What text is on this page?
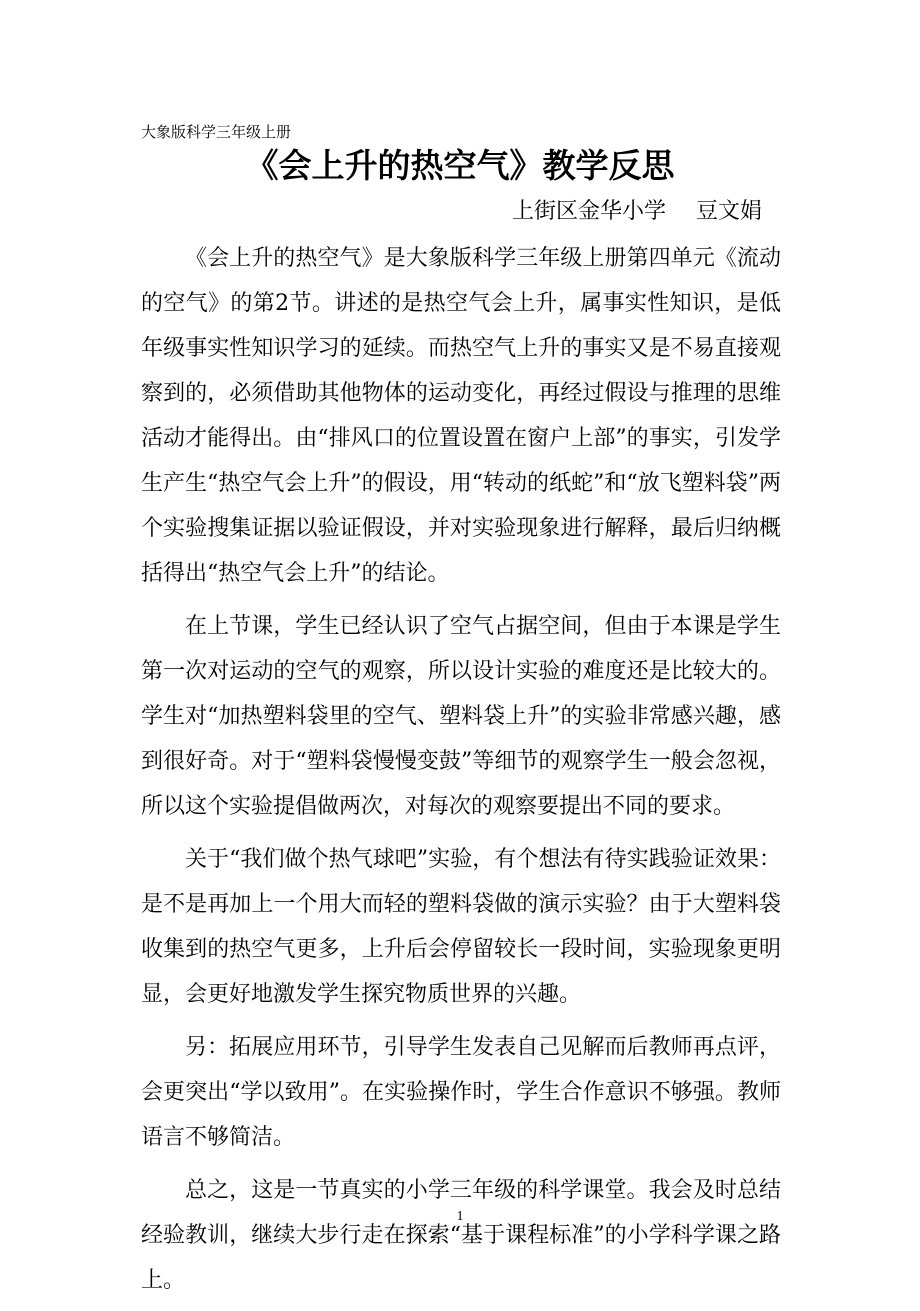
大象版科学三年级上册
《会上升的热空气》教学反思
上街区金华小学 豆文娟

《会上升的热空气》是大象版科学三年级上册第四单元《流动的空气》的第2节。讲述的是热空气会上升，属事实性知识，是低年级事实性知识学习的延续。而热空气上升的事实又是不易直接观察到的，必须借助其他物体的运动变化，再经过假设与推理的思维活动才能得出。由“排风口的位置设置在窗户上部”的事实，引发学生产生“热空气会上升”的假设，用“转动的纸蛇”和“放飞塑料袋”两个实验搜集证据以验证假设，并对实验现象进行解释，最后归纳概括得出“热空气会上升”的结论。

在上节课，学生已经认识了空气占据空间，但由于本课是学生第一次对运动的空气的观察，所以设计实验的难度还是比较大的。学生对“加热塑料袋里的空气、塑料袋上升”的实验非常感兴趣，感到很好奇。对于“塑料袋慢慢变鼓”等细节的观察学生一般会忽视，所以这个实验提倡做两次，对每次的观察要提出不同的要求。

关于“我们做个热气球吧”实验，有个想法有待实践验证效果：是不是再加上一个用大而轻的塑料袋做的演示实验？由于大塑料袋收集到的热空气更多，上升后会停留较长一段时间，实验现象更明显，会更好地激发学生探究物质世界的兴趣。

另：拓展应用环节，引导学生发表自己见解而后教师再点评，会更突出“学以致用”。在实验操作时，学生合作意识不够强。教师语言不够简洁。

总之，这是一节真实的小学三年级的科学课堂。我会及时总结经验教训，继续大步行走在探索“基于课程标准”的小学科学课之路上。

1
